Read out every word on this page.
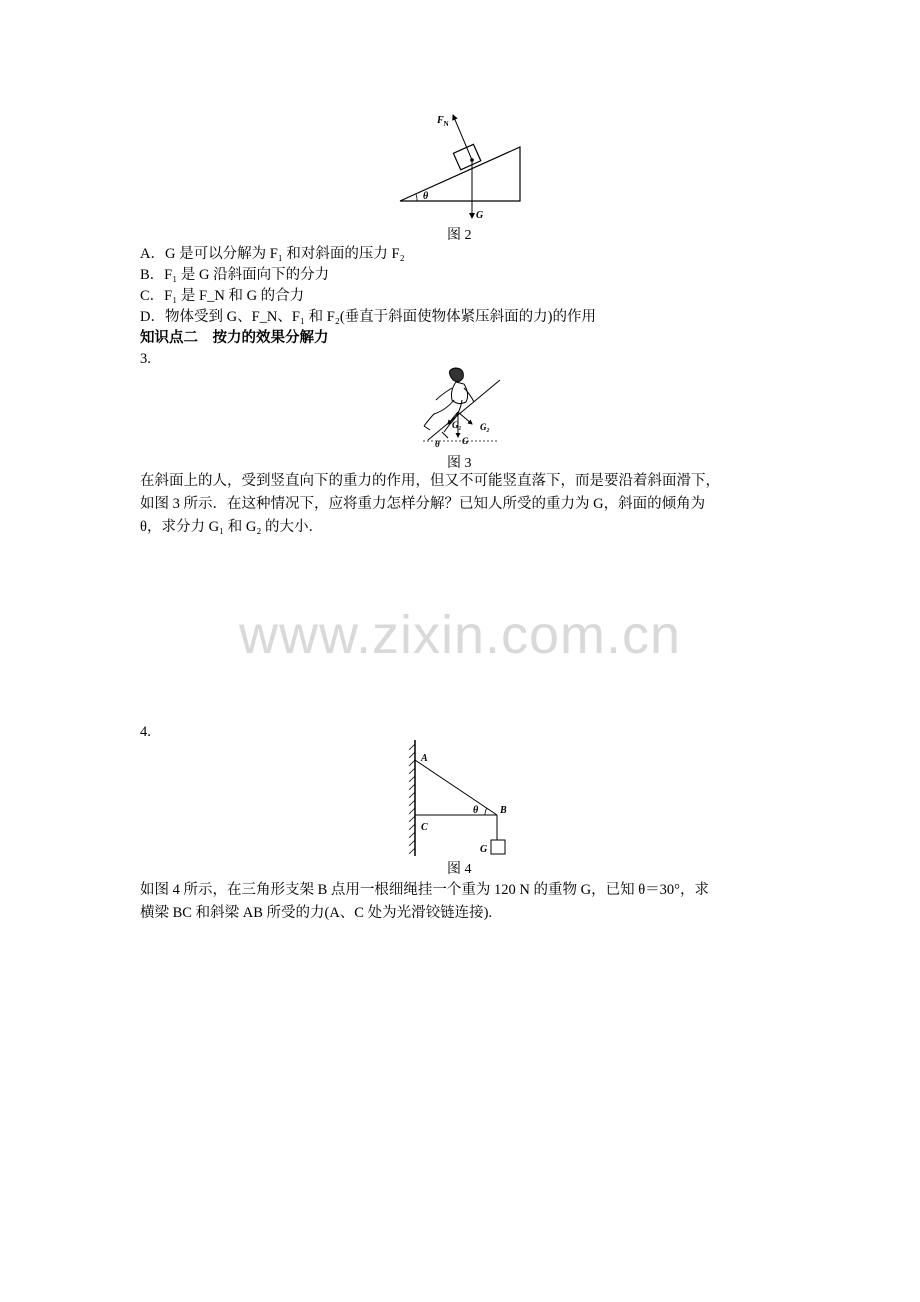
$F_N$
θ
G
图 2
A．G 是可以分解为 F₁ 和对斜面的压力 F₂
B．F₁ 是 G 沿斜面向下的分力
C．F₁ 是 F_N 和 G 的合力
D．物体受到 G、F_N、F₁ 和 F₂(垂直于斜面使物体紧压斜面的力)的作用
知识点二　按力的效果分解力
3.
G₁ G₂
G
θ
图 3
在斜面上的人，受到竖直向下的重力的作用，但又不可能竖直落下，而是要沿着斜面滑下，
如图 3 所示．在这种情况下，应将重力怎样分解？已知人所受的重力为 G，斜面的倾角为
θ，求分力 G₁ 和 G₂ 的大小．
www.zixin.com.cn
4.
A
B
C
θ
G
图 4
如图 4 所示，在三角形支架 B 点用一根细绳挂一个重为 120 N 的重物 G，已知 θ＝30°，求
横梁 BC 和斜梁 AB 所受的力(A、C 处为光滑铰链连接).
